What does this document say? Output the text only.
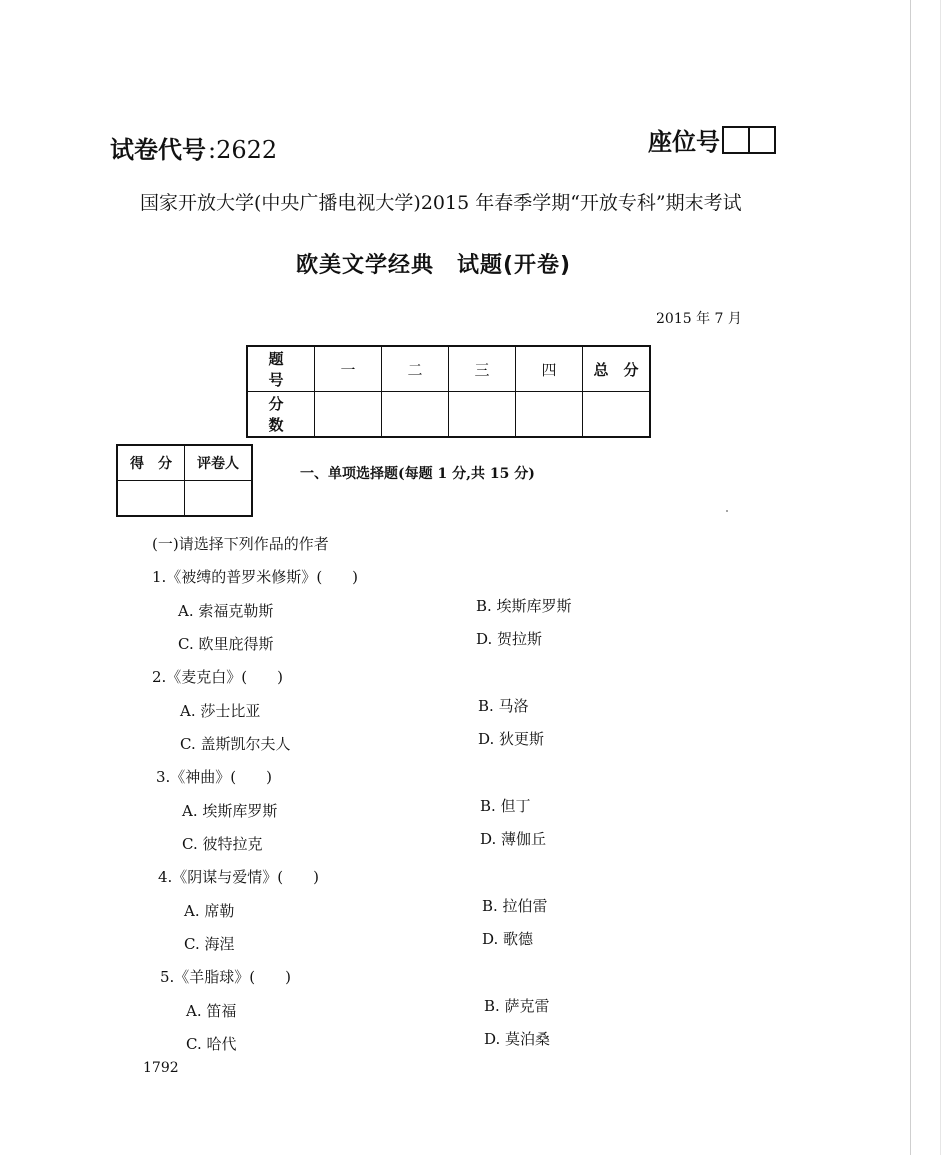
试卷代号:2622	座位号
国家开放大学(中央广播电视大学)2015 年春季学期“开放专科”期末考试
欧美文学经典　试题(开卷)
2015 年 7 月
题　号	一	二	三	四	总　分
分　数					
得　分	评卷人

一、单项选择题(每题 1 分,共 15 分)
(一)请选择下列作品的作者
1.《被缚的普罗米修斯》(　　)
A. 索福克勒斯	B. 埃斯库罗斯
C. 欧里庇得斯	D. 贺拉斯
2.《麦克白》(　　)
A. 莎士比亚	B. 马洛
C. 盖斯凯尔夫人	D. 狄更斯
3.《神曲》(　　)
A. 埃斯库罗斯	B. 但丁
C. 彼特拉克	D. 薄伽丘
4.《阴谋与爱情》(　　)
A. 席勒	B. 拉伯雷
C. 海涅	D. 歌德
5.《羊脂球》(　　)
A. 笛福	B. 萨克雷
C. 哈代	D. 莫泊桑
1792
